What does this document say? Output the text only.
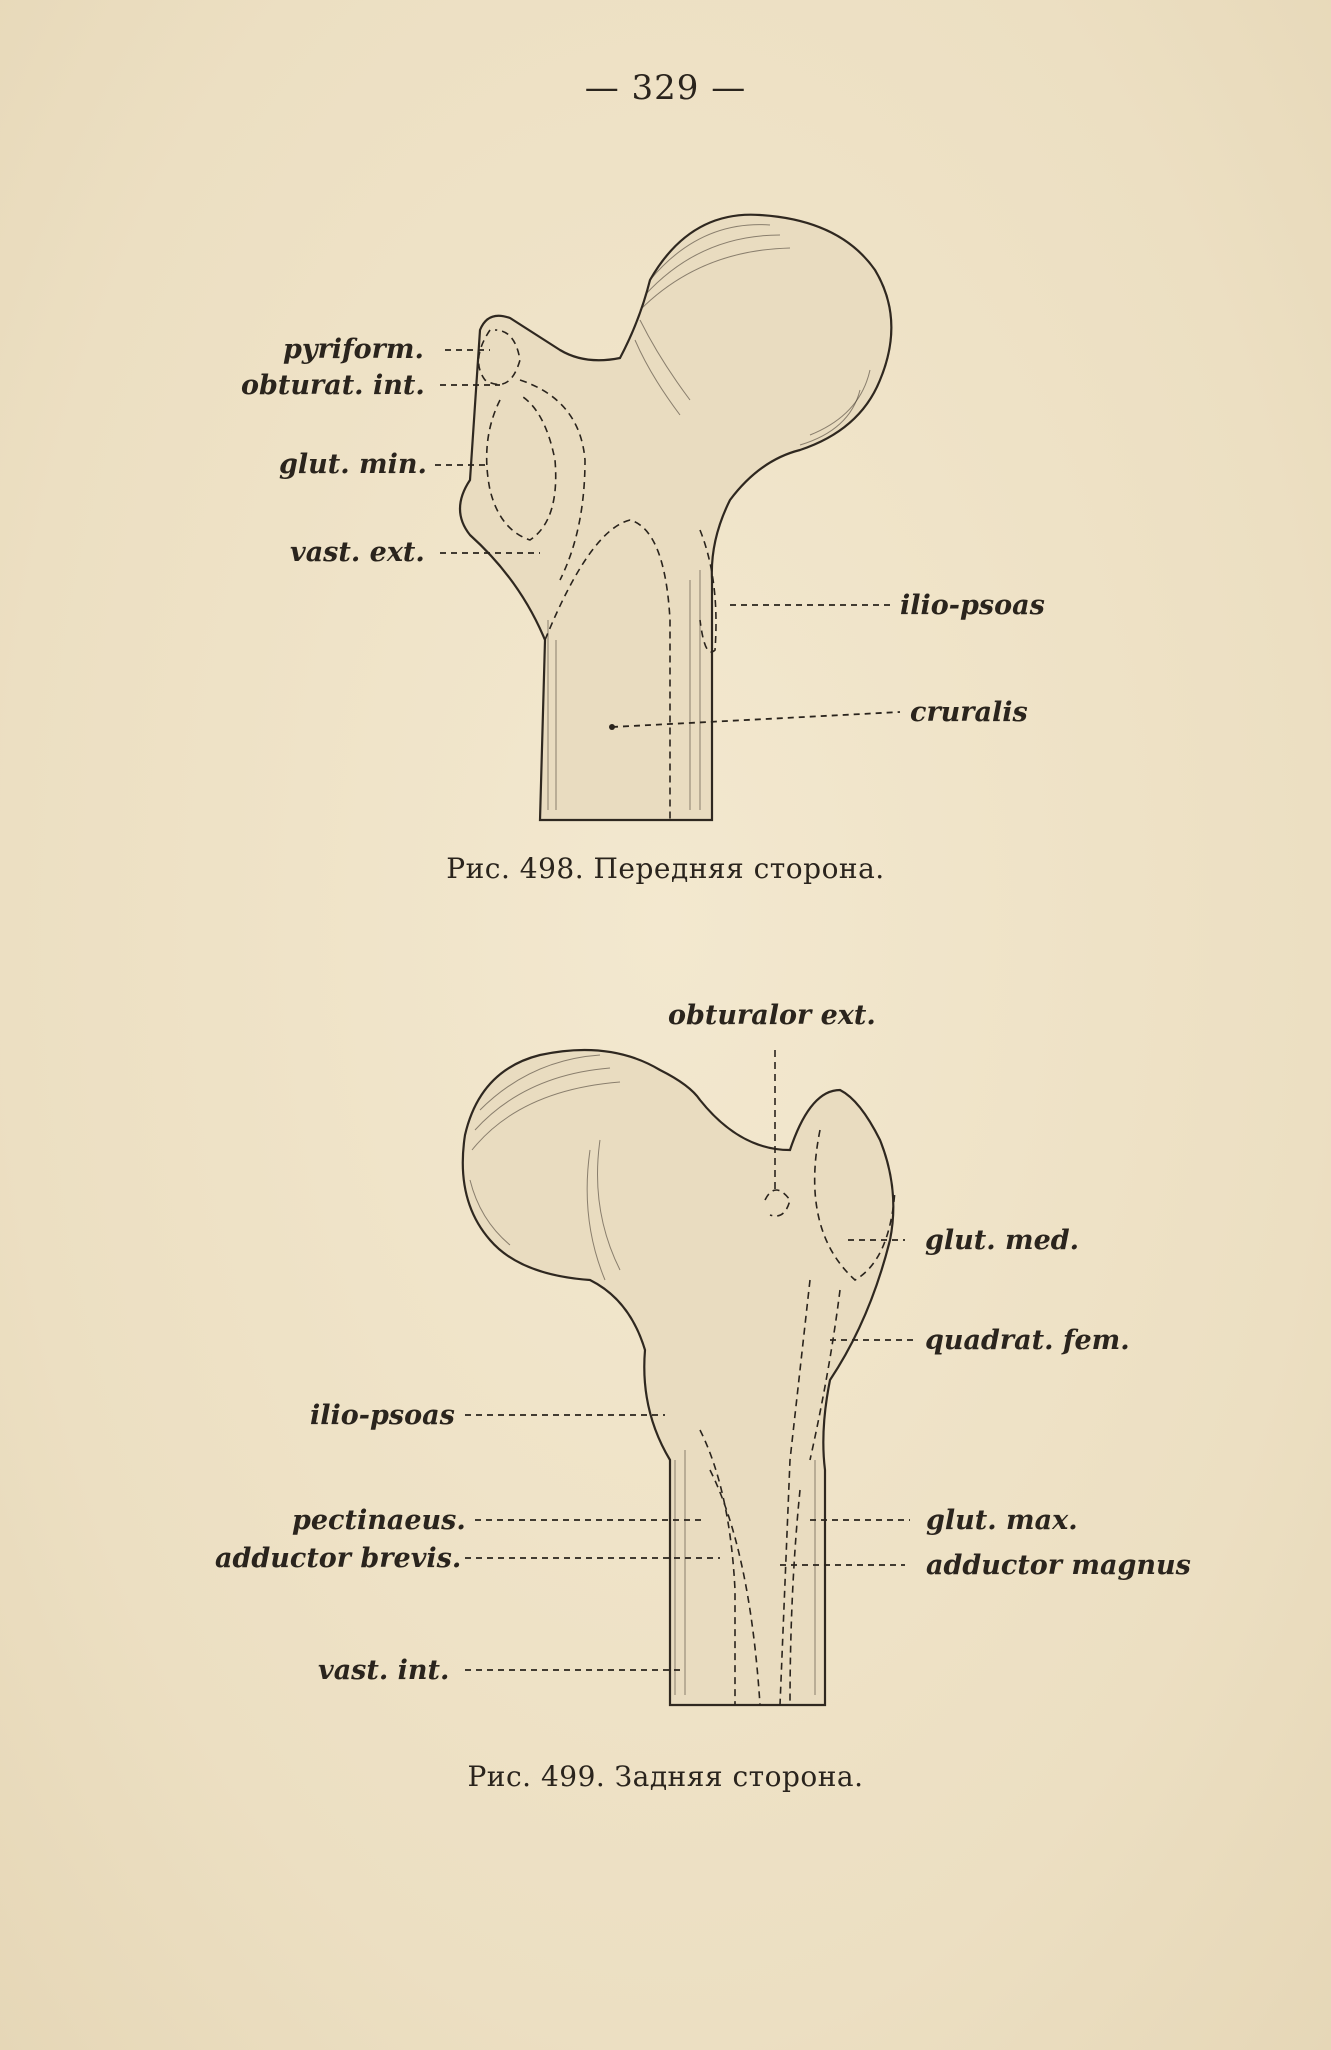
— 329 —
pyriform.
obturat. int.
glut. min.
vast. ext.
ilio-psoas
cruralis
Рис. 498. Передняя сторона.
obturalor ext.
glut. med.
quadrat. fem.
ilio-psoas
pectinaeus.
adductor brevis.
glut. max.
adductor magnus
vast. int.
Рис. 499. Задняя сторона.
